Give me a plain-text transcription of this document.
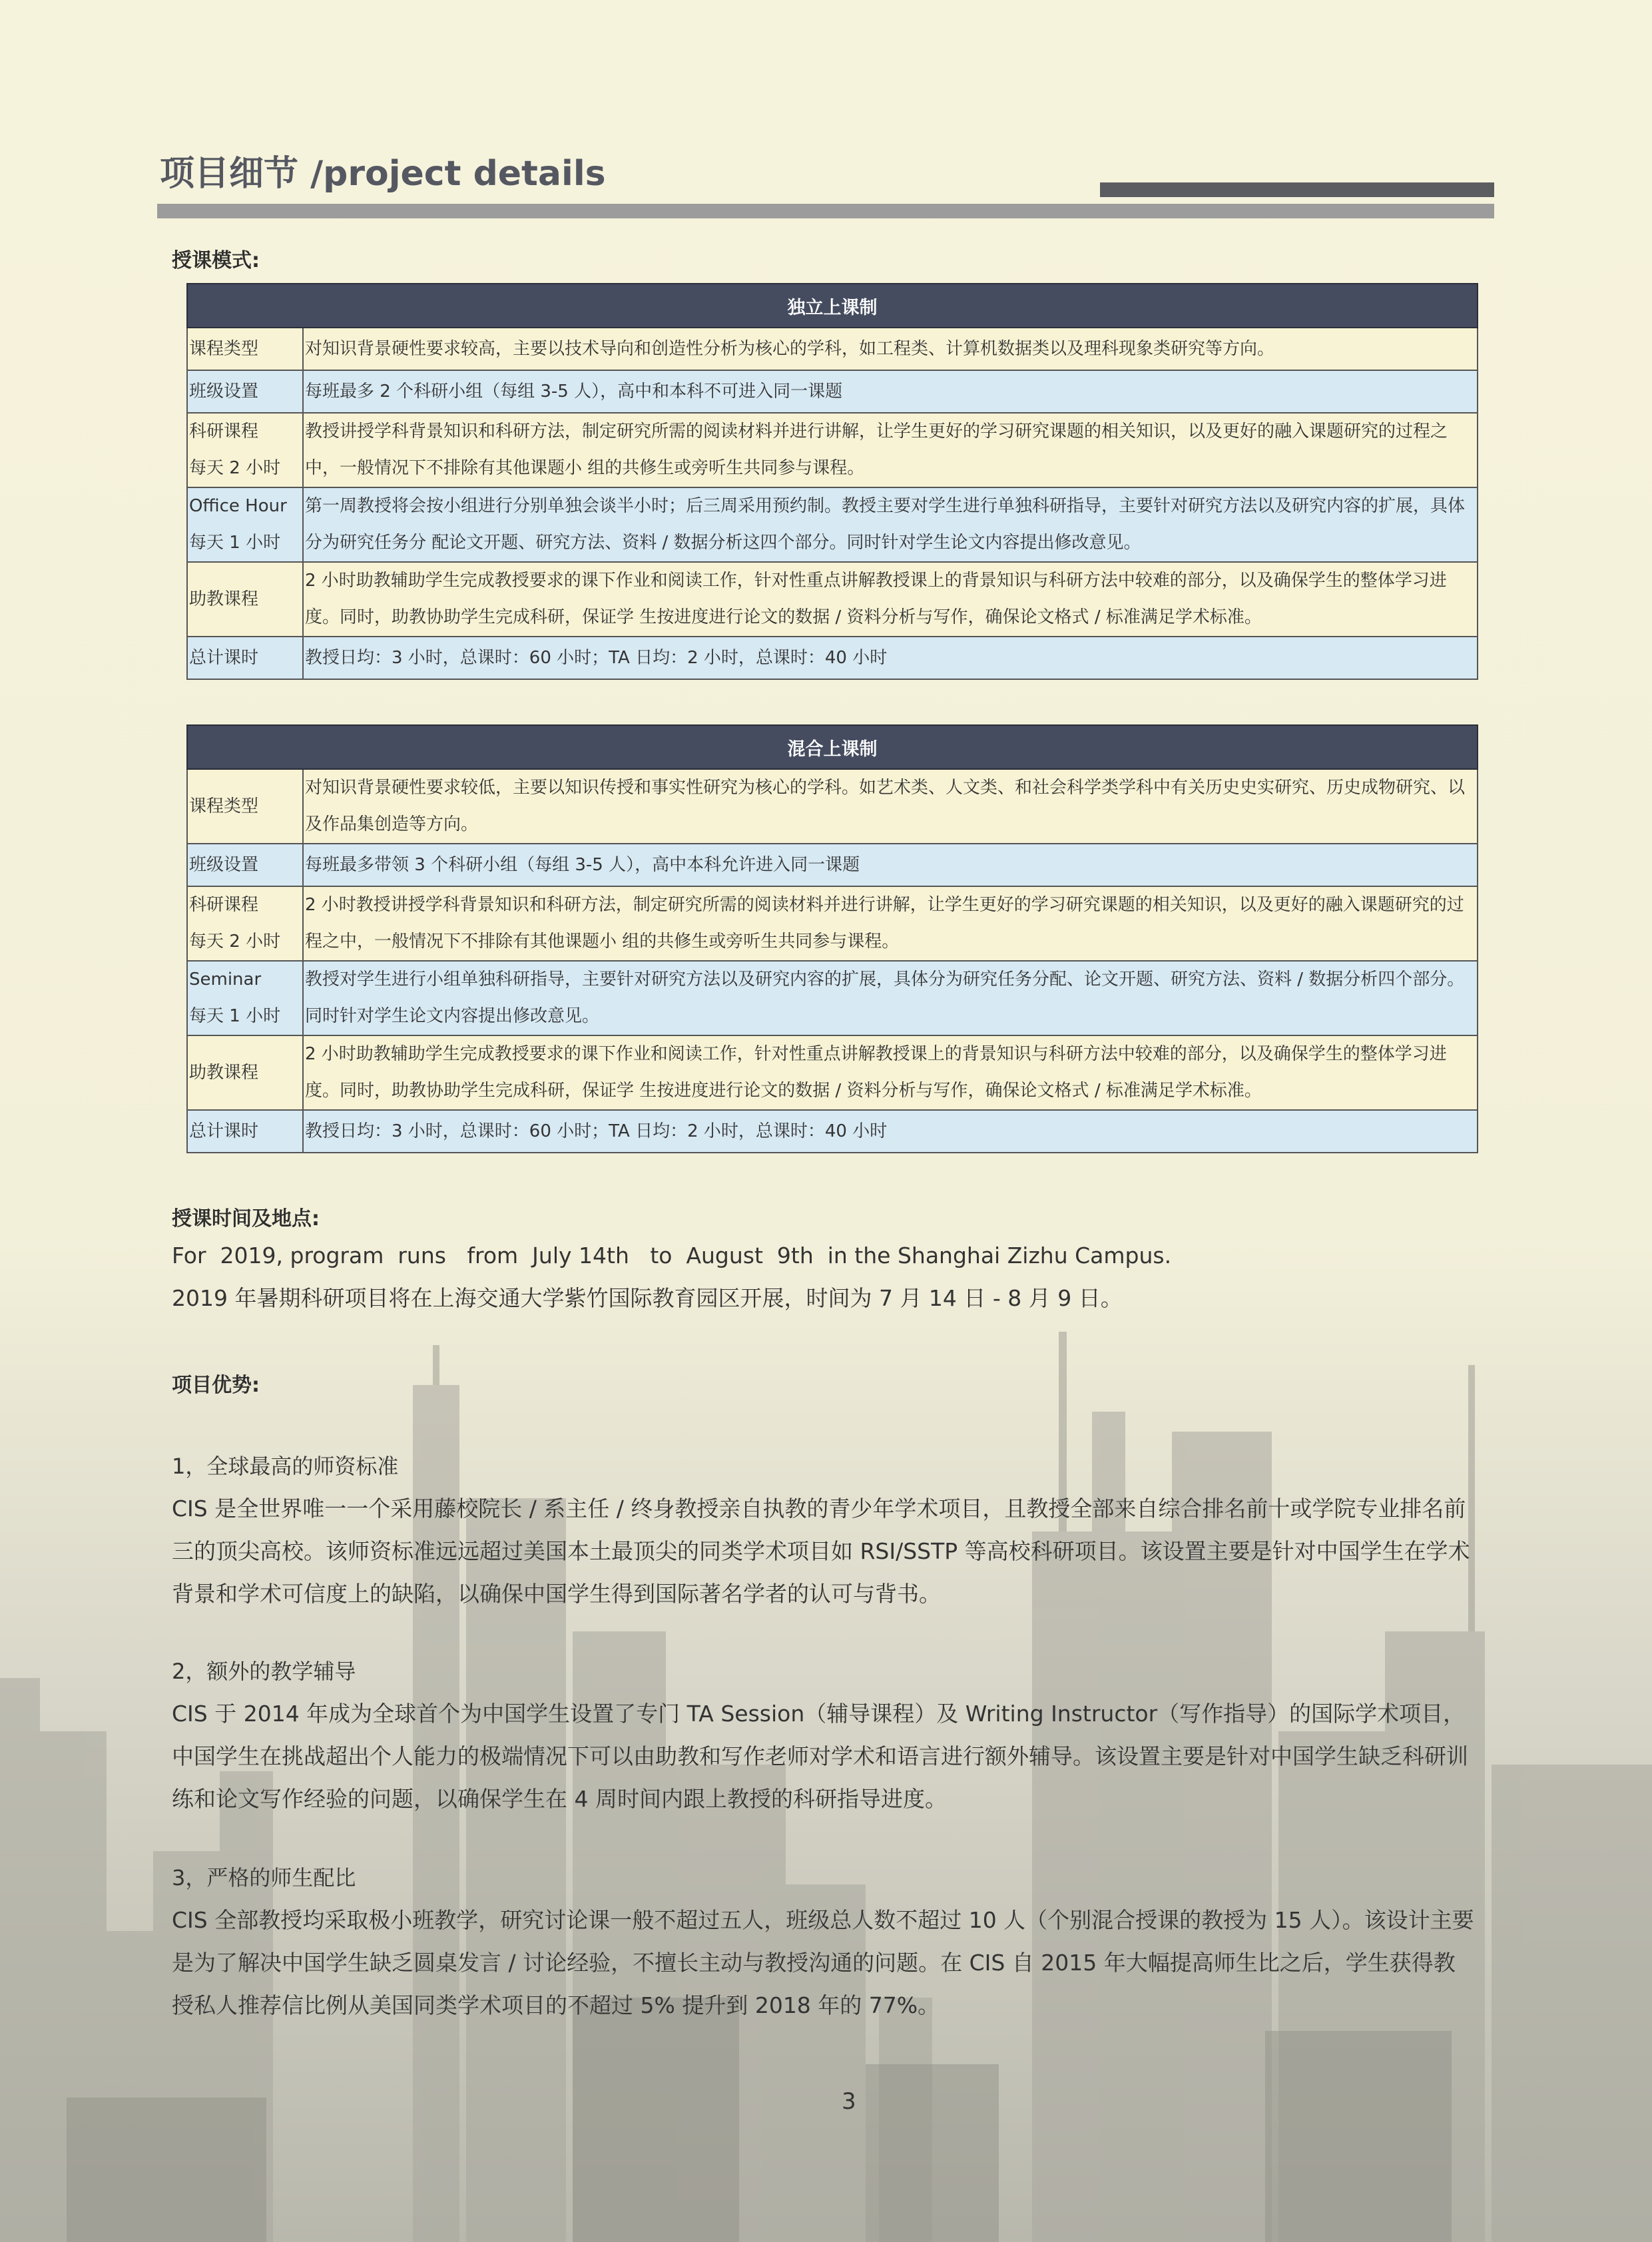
项目细节 /project details
授课模式:
独立上课制	
课程类型	对知识背景硬性要求较高，主要以技术导向和创造性分析为核心的学科，如工程类、计算机数据类以及理科现象类研究等方向。
班级设置	每班最多 2 个科研小组（每组 3-5 人），高中和本科不可进入同一课题
科研课程
每天 2 小时	教授讲授学科背景知识和科研方法，制定研究所需的阅读材料并进行讲解，让学生更好的学习研究课题的相关知识，以及更好的融入课题研究的过程之中，一般情况下不排除有其他课题小 组的共修生或旁听生共同参与课程。
Office Hour
每天 1 小时	第一周教授将会按小组进行分别单独会谈半小时；后三周采用预约制。教授主要对学生进行单独科研指导，主要针对研究方法以及研究内容的扩展，具体分为研究任务分 配论文开题、研究方法、资料 / 数据分析这四个部分。同时针对学生论文内容提出修改意见。
助教课程	2 小时助教辅助学生完成教授要求的课下作业和阅读工作，针对性重点讲解教授课上的背景知识与科研方法中较难的部分，以及确保学生的整体学习进度。同时，助教协助学生完成科研，保证学 生按进度进行论文的数据 / 资料分析与写作，确保论文格式 / 标准满足学术标准。
总计课时	教授日均：3 小时，总课时：60 小时；TA 日均：2 小时，总课时：40 小时
混合上课制	
课程类型	对知识背景硬性要求较低，主要以知识传授和事实性研究为核心的学科。如艺术类、人文类、和社会科学类学科中有关历史史实研究、历史成物研究、以及作品集创造等方向。
班级设置	每班最多带领 3 个科研小组（每组 3-5 人），高中本科允许进入同一课题
科研课程
每天 2 小时	2 小时教授讲授学科背景知识和科研方法，制定研究所需的阅读材料并进行讲解，让学生更好的学习研究课题的相关知识，以及更好的融入课题研究的过程之中，一般情况下不排除有其他课题小 组的共修生或旁听生共同参与课程。
Seminar
每天 1 小时	教授对学生进行小组单独科研指导，主要针对研究方法以及研究内容的扩展，具体分为研究任务分配、论文开题、研究方法、资料 / 数据分析四个部分。同时针对学生论文内容提出修改意见。
助教课程	2 小时助教辅助学生完成教授要求的课下作业和阅读工作，针对性重点讲解教授课上的背景知识与科研方法中较难的部分，以及确保学生的整体学习进度。同时，助教协助学生完成科研，保证学 生按进度进行论文的数据 / 资料分析与写作，确保论文格式 / 标准满足学术标准。
总计课时	教授日均：3 小时，总课时：60 小时；TA 日均：2 小时，总课时：40 小时
授课时间及地点:

For  2019, program  runs   from  July 14th   to  August  9th  in the Shanghai Zizhu Campus.

2019 年暑期科研项目将在上海交通大学紫竹国际教育园区开展，时间为 7 月 14 日 - 8 月 9 日。

项目优势:

1，全球最高的师资标准

CIS 是全世界唯一一个采用藤校院长 / 系主任 / 终身教授亲自执教的青少年学术项目，且教授全部来自综合排名前十或学院专业排名前三的顶尖高校。该师资标准远远超过美国本土最顶尖的同类学术项目如 RSI/SSTP 等高校科研项目。该设置主要是针对中国学生在学术背景和学术可信度上的缺陷，以确保中国学生得到国际著名学者的认可与背书。

2，额外的教学辅导

CIS 于 2014 年成为全球首个为中国学生设置了专门 TA Session（辅导课程）及 Writing Instructor（写作指导）的国际学术项目，中国学生在挑战超出个人能力的极端情况下可以由助教和写作老师对学术和语言进行额外辅导。该设置主要是针对中国学生缺乏科研训练和论文写作经验的问题，以确保学生在 4 周时间内跟上教授的科研指导进度。

3，严格的师生配比

CIS 全部教授均采取极小班教学，研究讨论课一般不超过五人，班级总人数不超过 10 人（个别混合授课的教授为 15 人）。该设计主要是为了解决中国学生缺乏圆桌发言 / 讨论经验，不擅长主动与教授沟通的问题。在 CIS 自 2015 年大幅提高师生比之后，学生获得教授私人推荐信比例从美国同类学术项目的不超过 5% 提升到 2018 年的 77%。

3
